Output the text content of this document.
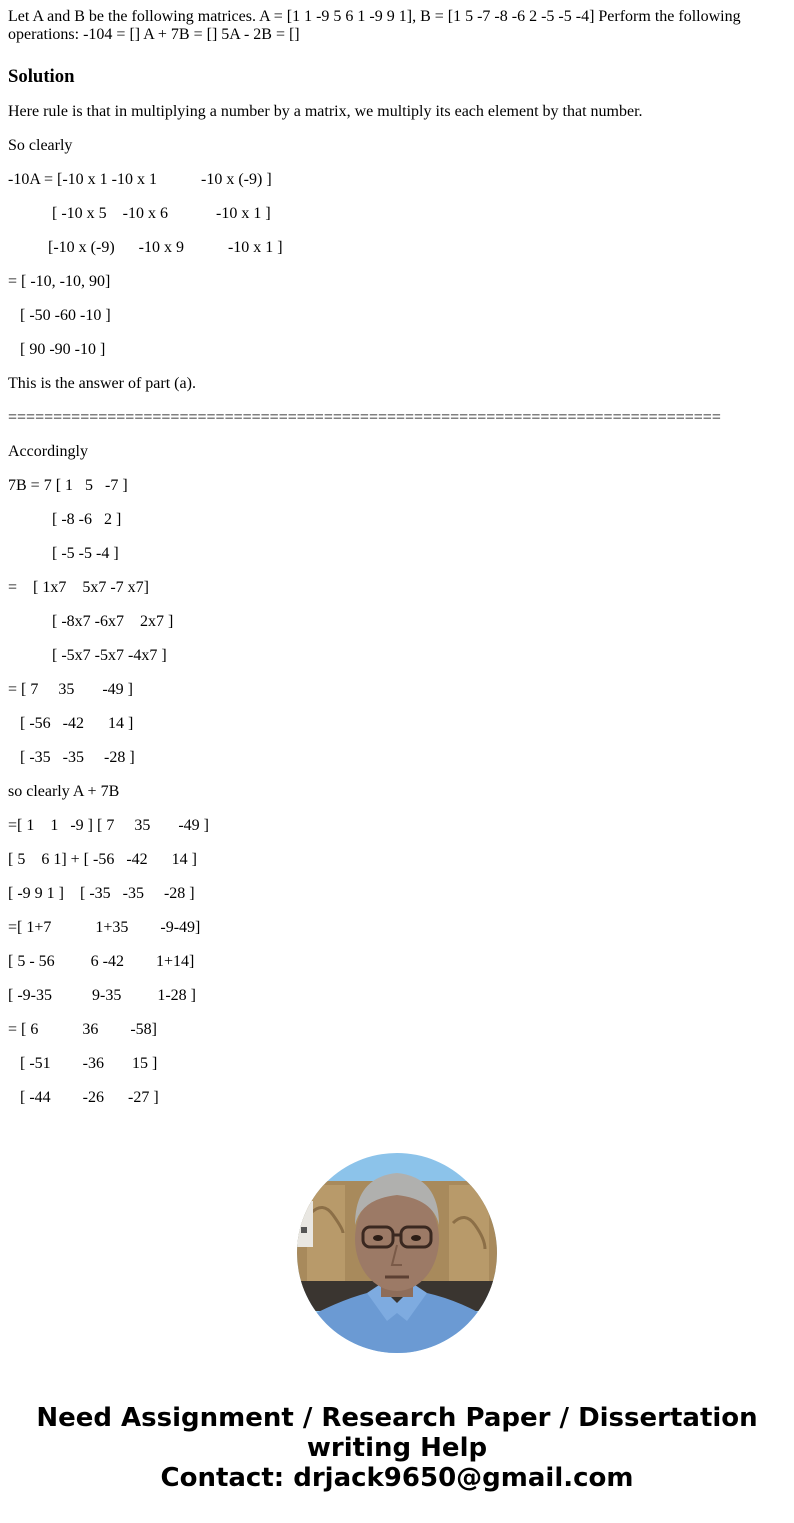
Let A and B be the following matrices. A = [1 1 -9 5 6 1 -9 9 1], B = [1 5 -7 -8 -6 2 -5 -5 -4] Perform the following operations: -104 = [] A + 7B = [] 5A - 2B = []

Solution

Here rule is that in multiplying a number by a matrix, we multiply its each element by that number.

So clearly

-10A = [-10 x 1 -10 x 1           -10 x (-9) ]

[ -10 x 5    -10 x 6            -10 x 1 ]

[-10 x (-9)      -10 x 9           -10 x 1 ]

= [ -10, -10, 90]

[ -50 -60 -10 ]

[ 90 -90 -10 ]

This is the answer of part (a).

===============================================================================

Accordingly

7B = 7 [ 1   5   -7 ]

[ -8 -6   2 ]

[ -5 -5 -4 ]

=    [ 1x7    5x7 -7 x7]

[ -8x7 -6x7    2x7 ]

[ -5x7 -5x7 -4x7 ]

= [ 7     35       -49 ]

[ -56   -42      14 ]

[ -35   -35     -28 ]

so clearly A + 7B

=[ 1    1   -9 ] [ 7     35       -49 ]

[ 5    6 1] + [ -56   -42      14 ]

[ -9 9 1 ]    [ -35   -35     -28 ]

=[ 1+7           1+35        -9-49]

[ 5 - 56         6 -42        1+14]

[ -9-35          9-35         1-28 ]

= [ 6           36        -58]

[ -51        -36       15 ]

[ -44        -26      -27 ]

Need Assignment / Research Paper / Dissertation
writing Help
Contact: drjack9650@gmail.com
